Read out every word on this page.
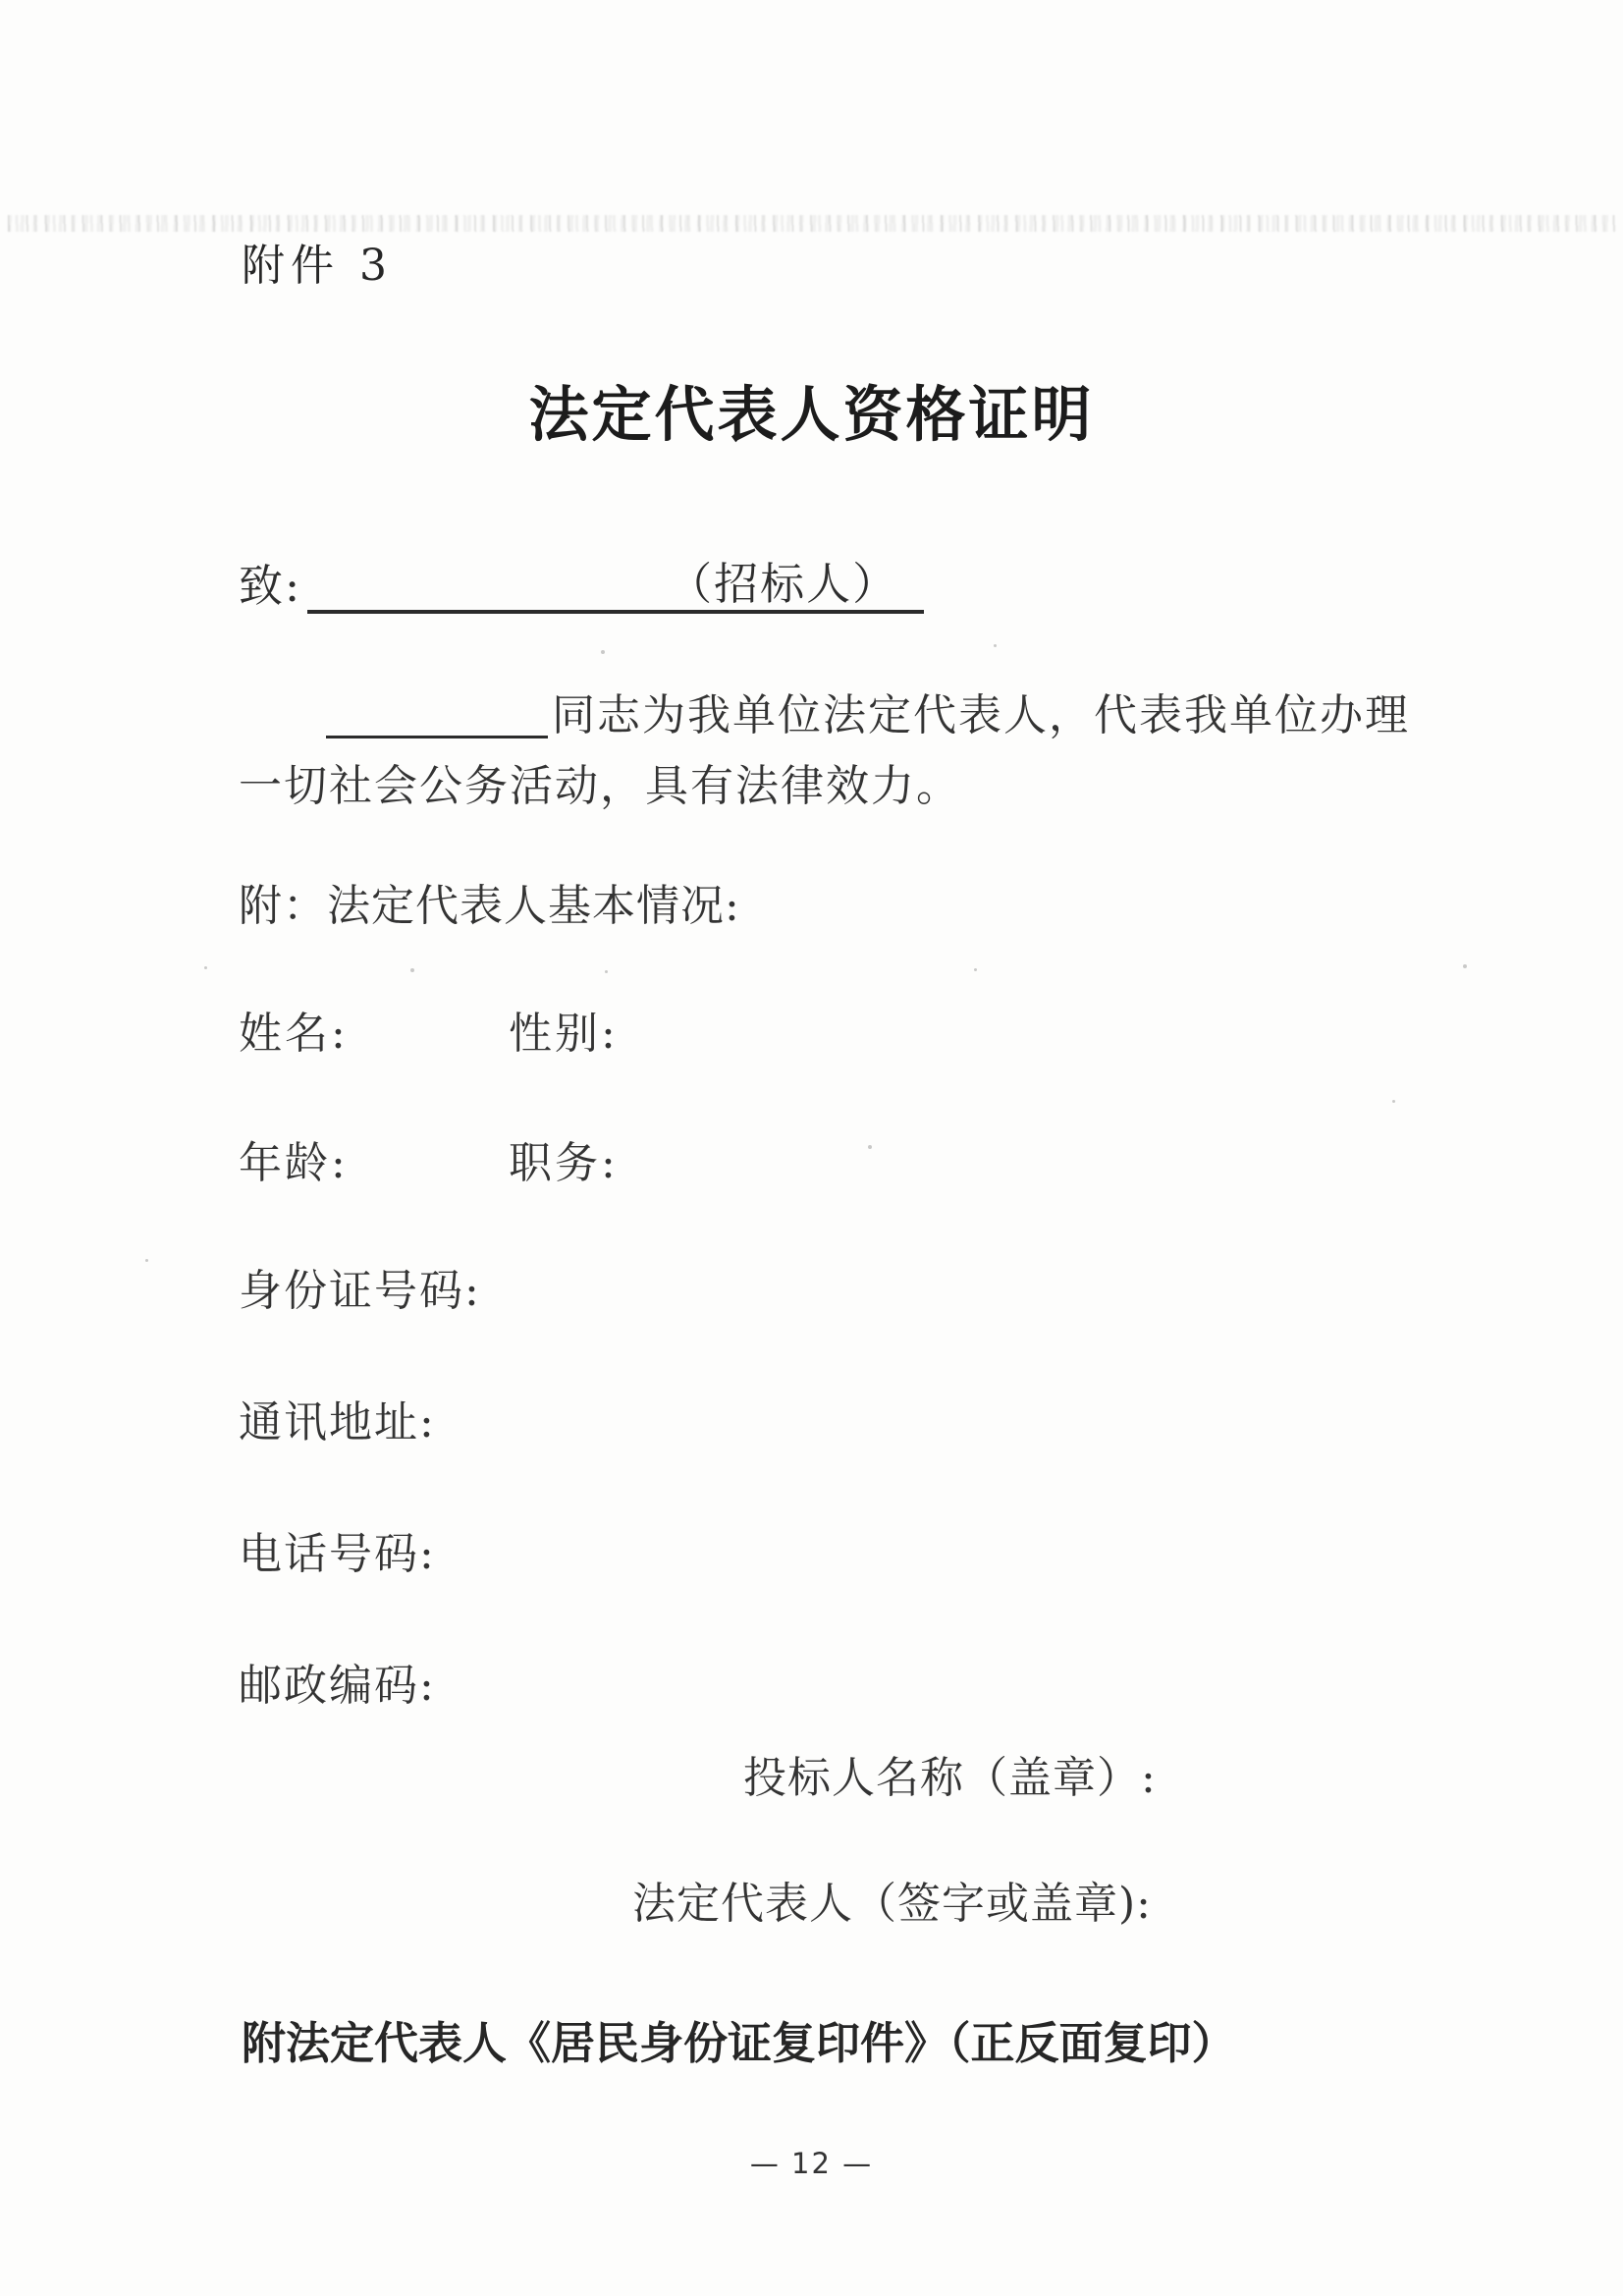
附件 3
法定代表人资格证明
致:	（招标人）
同志为我单位法定代表人，代表我单位办理
一切社会公务活动，具有法律效力。
附：法定代表人基本情况:
姓名:	性别:
年龄:	职务:
身份证号码:
通讯地址:
电话号码:
邮政编码:
投标人名称（盖章）:
法定代表人（签字或盖章):
附法定代表人《居民身份证复印件》（正反面复印）
— 12 —
